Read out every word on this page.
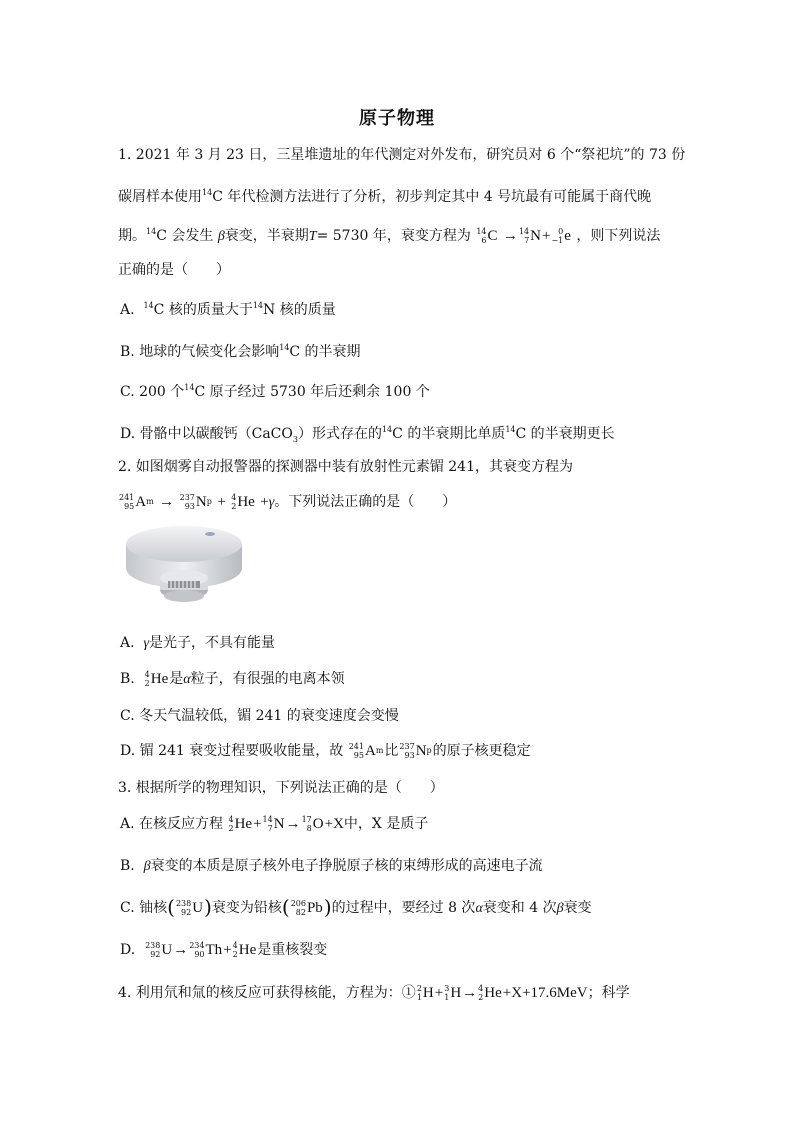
原子物理
1. 2021 年 3 月 23 日，三星堆遗址的年代测定对外发布，研究员对 6 个“祭祀坑”的 73 份
碳屑样本使用$^{14}$C 年代检测方法进行了分析，初步判定其中 4 号坑最有可能属于商代晚
期。$^{14}$C 会发生 β衰变，半衰期T= 5730 年，衰变方程为 14
6 C → 14
7 N + 0
−1 e ，则下列说法
正确的是（　　）
A. $^{14}$C 核的质量大于$^{14}$N 核的质量
B. 地球的气候变化会影响$^{14}$C 的半衰期
C. 200 个$^{14}$C 原子经过 5730 年后还剩余 100 个
D. 骨骼中以碳酸钙（CaCO$_3$）形式存在的$^{14}$C 的半衰期比单质$^{14}$C 的半衰期更长
2. 如图烟雾自动报警器的探测器中装有放射性元素镅 241，其衰变方程为
241
95 A m → 237
93 N p + 4
2 He +γ。下列说法正确的是（　　）
A. γ是光子，不具有能量
B. 4
2 He 是α粒子，有很强的电离本领
C. 冬天气温较低，镅 241 的衰变速度会变慢
D. 镅 241 衰变过程要吸收能量，故 241
95 A m 比 237
93 N p 的原子核更稳定
3. 根据所学的物理知识，下列说法正确的是（　　）
A. 在核反应方程 4
2 He + 14
7 N → 17
8 O +X中，X 是质子
B. β衰变的本质是原子核外电子挣脱原子核的束缚形成的高速电子流
C. 铀核( 238
92 U )衰变为铅核( 206
82 Pb )的过程中，要经过 8 次α衰变和 4 次β衰变
D. 238
92 U → 234
90 Th + 4
2 He 是重核裂变
4. 利用氘和氚的核反应可获得核能，方程为：① 2
1 H + 3
1 H → 4
2 He +X+17.6MeV；科学
